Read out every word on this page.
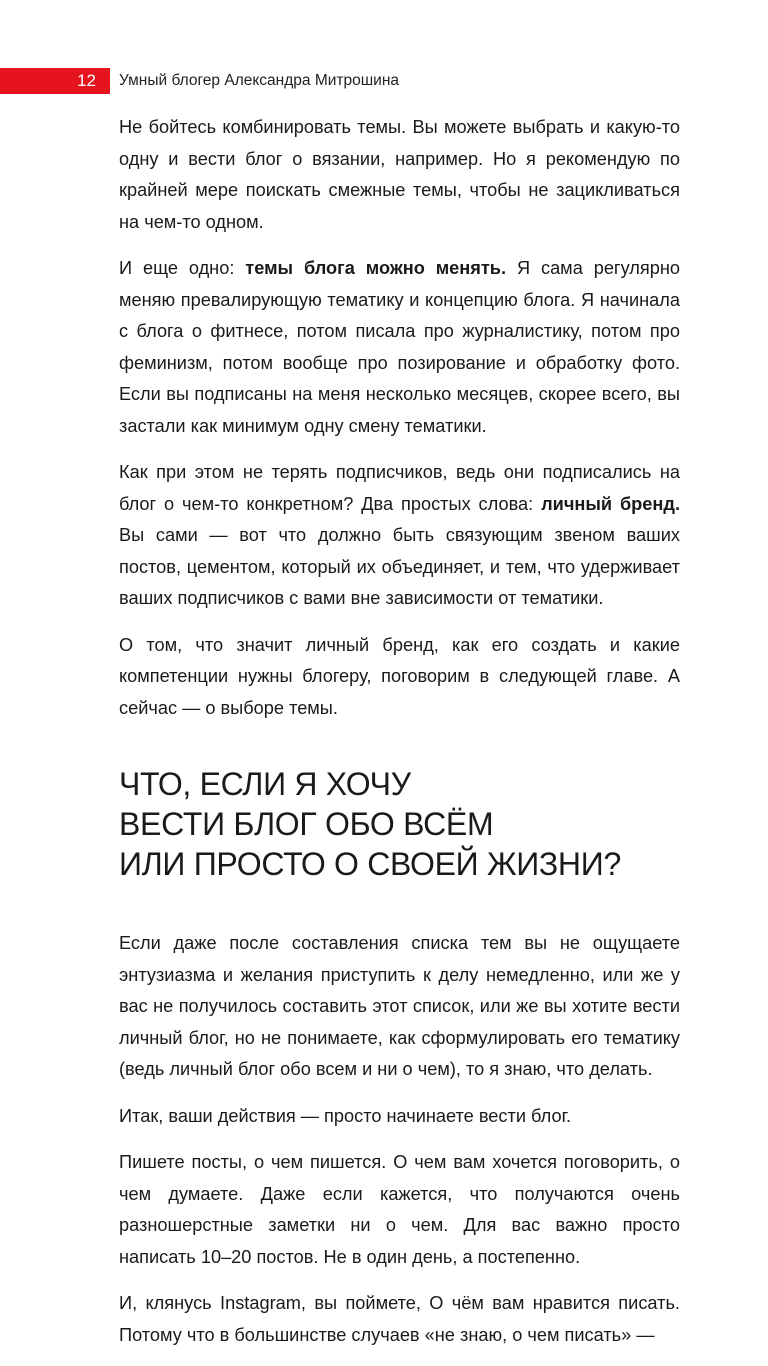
12	Умный блогер Александра Митрошина

Не бойтесь комбинировать темы. Вы можете выбрать и какую-то одну и вести блог о вязании, например. Но я рекомендую по крайней мере поискать смежные темы, чтобы не зацикливаться на чем-то одном.

И еще одно: темы блога можно менять. Я сама регулярно меняю превалирующую тематику и концепцию блога. Я начинала с блога о фитнесе, потом писала про журналистику, потом про феминизм, потом вообще про позирование и обработку фото. Если вы подписаны на меня несколько месяцев, скорее всего, вы застали как минимум одну смену тематики.

Как при этом не терять подписчиков, ведь они подписались на блог о чем-то конкретном? Два простых слова: личный бренд. Вы сами — вот что должно быть связующим звеном ваших постов, цементом, который их объединяет, и тем, что удерживает ваших подписчиков с вами вне зависимости от тематики.

О том, что значит личный бренд, как его создать и какие компетенции нужны блогеру, поговорим в следующей главе. А сейчас — о выборе темы.

ЧТО, ЕСЛИ Я ХОЧУ
ВЕСТИ БЛОГ ОБО ВСЁМ
ИЛИ ПРОСТО О СВОЕЙ ЖИЗНИ?

Если даже после составления списка тем вы не ощущаете энтузиазма и желания приступить к делу немедленно, или же у вас не получилось составить этот список, или же вы хотите вести личный блог, но не понимаете, как сформулировать его тематику (ведь личный блог обо всем и ни о чем), то я знаю, что делать.

Итак, ваши действия — просто начинаете вести блог.

Пишете посты, о чем пишется. О чем вам хочется поговорить, о чем думаете. Даже если кажется, что получаются очень разношерстные заметки ни о чем. Для вас важно просто написать 10–20 постов. Не в один день, а постепенно.

И, клянусь Instagram, вы поймете, О чём вам нравится писать. Потому что в большинстве случаев «не знаю, о чем писать» —
